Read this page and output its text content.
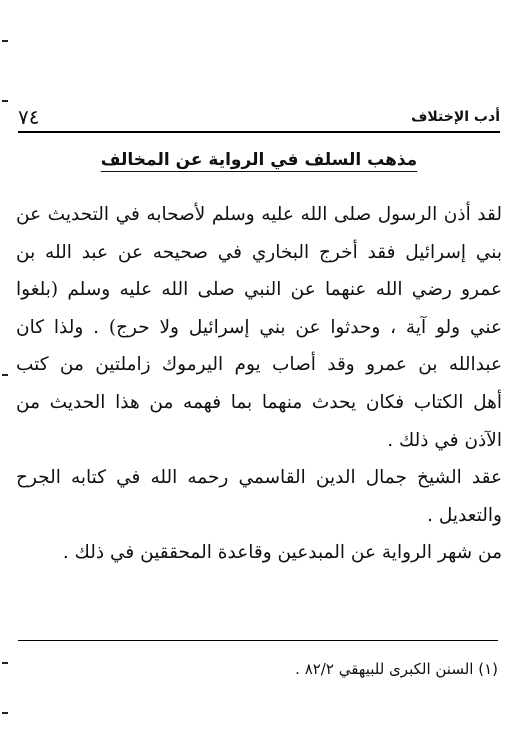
٧٤	أدب الإختلاف
مذهب السلف في الرواية عن المخالف
لقد أذن الرسول صلى الله عليه وسلم لأصحابه في التحديث عن
بني إسرائيل فقد أخرج البخاري في صحيحه عن عبد الله بن
عمرو رضي الله عنهما عن النبي صلى الله عليه وسلم (بلغوا
عني ولو آية ، وحدثوا عن بني إسرائيل ولا حرج) . ولذا كان
عبدالله بن عمرو وقد أصاب يوم اليرموك زاملتين من كتب
أهل الكتاب فكان يحدث منهما بما فهمه من هذا الحديث من
الآذن في ذلك .
عقد الشيخ جمال الدين القاسمي رحمه الله في كتابه الجرح
والتعديل .
من شهر الرواية عن المبدعين وقاعدة المحققين في ذلك .
(١) السنن الكبرى للبيهقي ٨٢/٢ .
